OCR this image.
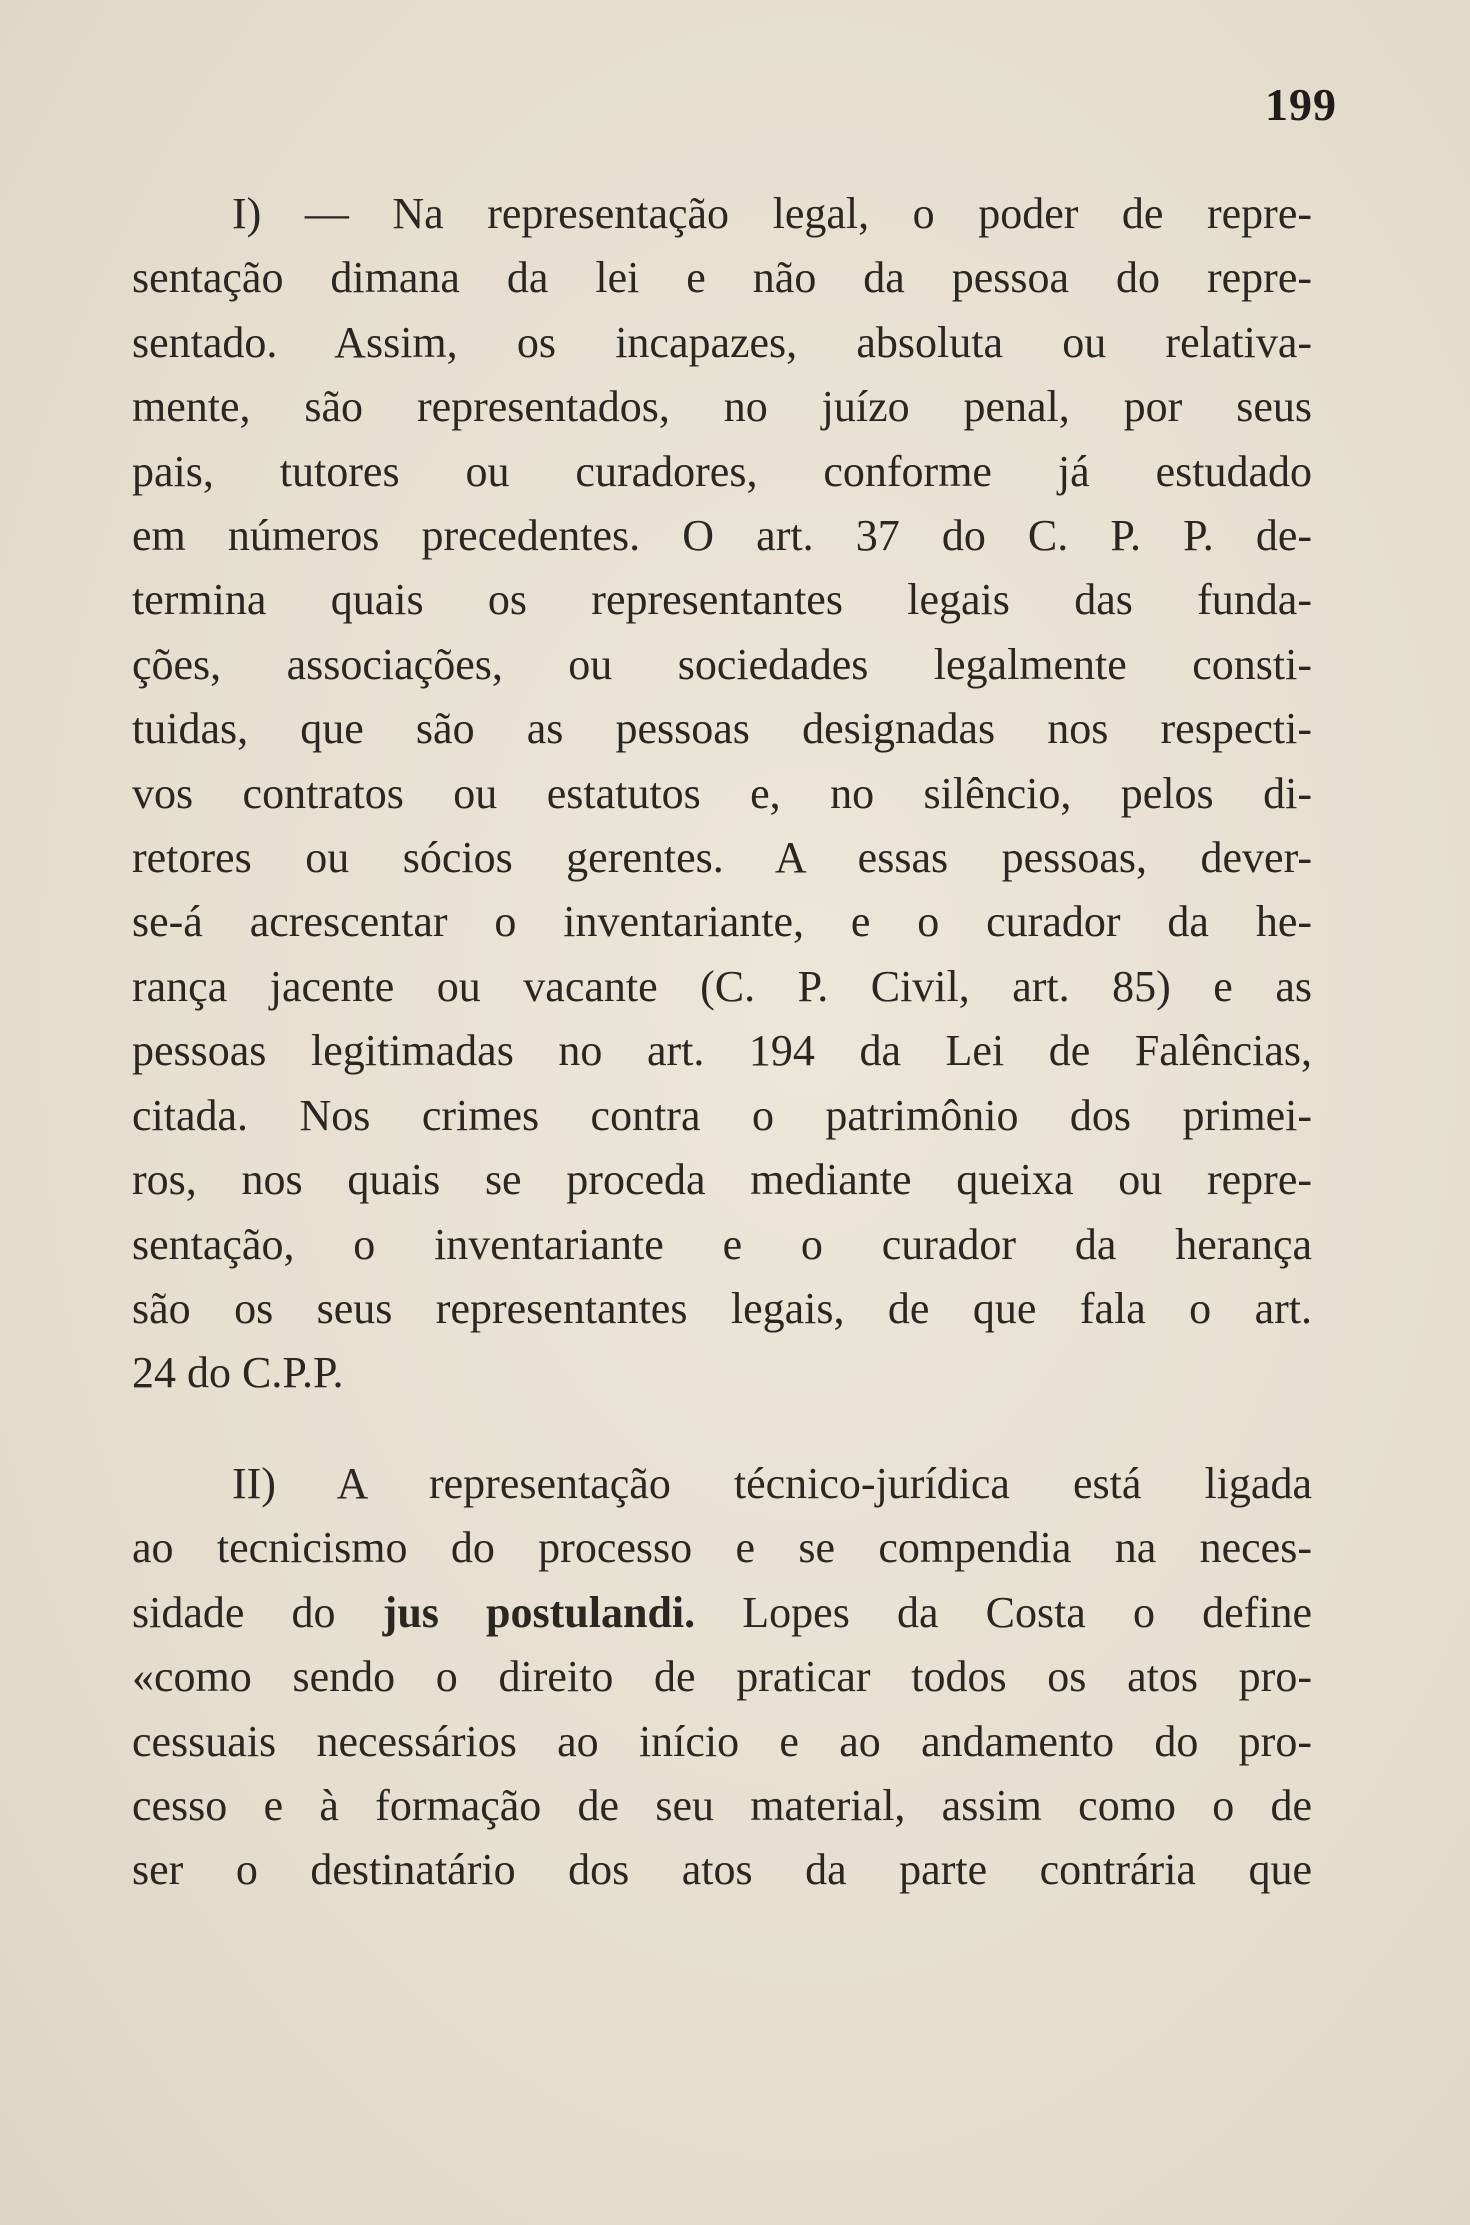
199
I) — Na representação legal, o poder de repre-
sentação dimana da lei e não da pessoa do repre-
sentado. Assim, os incapazes, absoluta ou relativa-
mente, são representados, no juízo penal, por seus
pais, tutores ou curadores, conforme já estudado
em números precedentes. O art. 37 do C. P. P. de-
termina quais os representantes legais das funda-
ções, associações, ou sociedades legalmente consti-
tuidas, que são as pessoas designadas nos respecti-
vos contratos ou estatutos e, no silêncio, pelos di-
retores ou sócios gerentes. A essas pessoas, dever-
se-á acrescentar o inventariante, e o curador da he-
rança jacente ou vacante (C. P. Civil, art. 85) e as
pessoas legitimadas no art. 194 da Lei de Falências,
citada. Nos crimes contra o patrimônio dos primei-
ros, nos quais se proceda mediante queixa ou repre-
sentação, o inventariante e o curador da herança
são os seus representantes legais, de que fala o art.
24 do C.P.P.
II) A representação técnico-jurídica está ligada
ao tecnicismo do processo e se compendia na neces-
sidade do jus postulandi. Lopes da Costa o define
«como sendo o direito de praticar todos os atos pro-
cessuais necessários ao início e ao andamento do pro-
cesso e à formação de seu material, assim como o de
ser o destinatário dos atos da parte contrária que
